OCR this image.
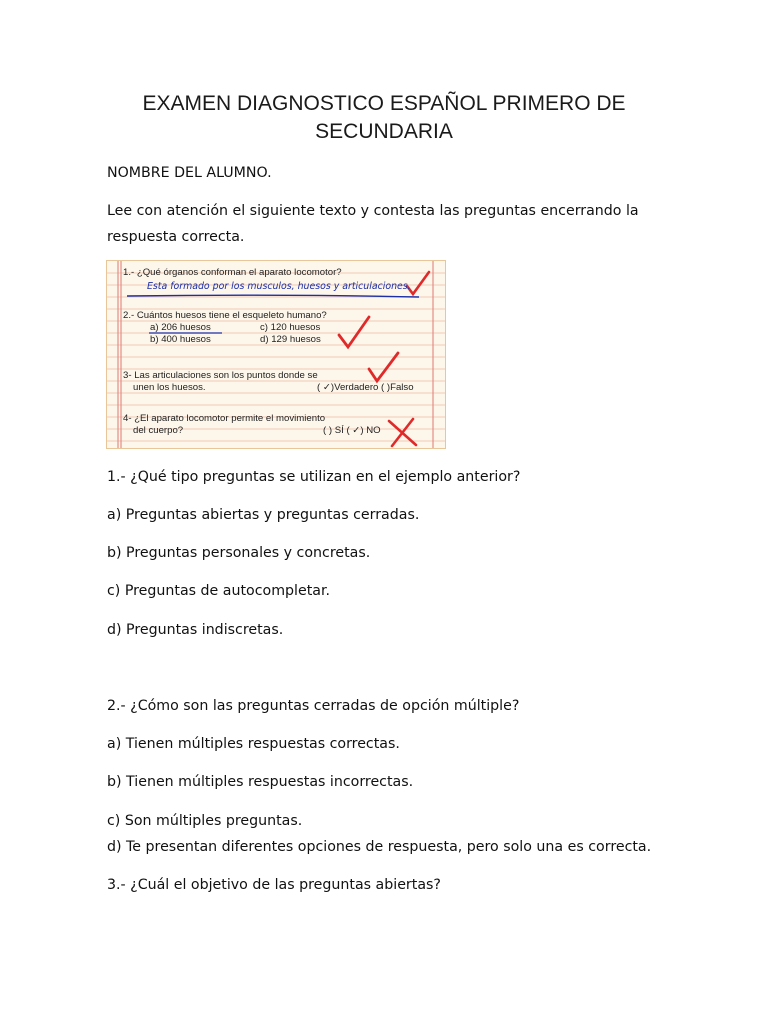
EXAMEN DIAGNOSTICO ESPAÑOL PRIMERO DE
SECUNDARIA
NOMBRE DEL ALUMNO.
Lee con atención el siguiente texto y contesta las preguntas encerrando la
respuesta correcta.
1.- ¿Qué órganos conforman el aparato locomotor?
Esta formado por los musculos, huesos y articulaciones.
2.- Cuántos huesos tiene el esqueleto humano?
a) 206 huesos	c) 120 huesos
b) 400 huesos	d) 129 huesos
3- Las articulaciones son los puntos donde se
unen los huesos.	( ✓)Verdadero ( )Falso
4- ¿El aparato locomotor permite el movimiento
del cuerpo?	( ) SÍ ( ✓) NO
1.- ¿Qué tipo preguntas se utilizan en el ejemplo anterior?
a) Preguntas abiertas y preguntas cerradas.
b) Preguntas personales y concretas.
c) Preguntas de autocompletar.
d) Preguntas indiscretas.
2.- ¿Cómo son las preguntas cerradas de opción múltiple?
a) Tienen múltiples respuestas correctas.
b) Tienen múltiples respuestas incorrectas.
c) Son múltiples preguntas.
d) Te presentan diferentes opciones de respuesta, pero solo una es correcta.
3.- ¿Cuál el objetivo de las preguntas abiertas?
